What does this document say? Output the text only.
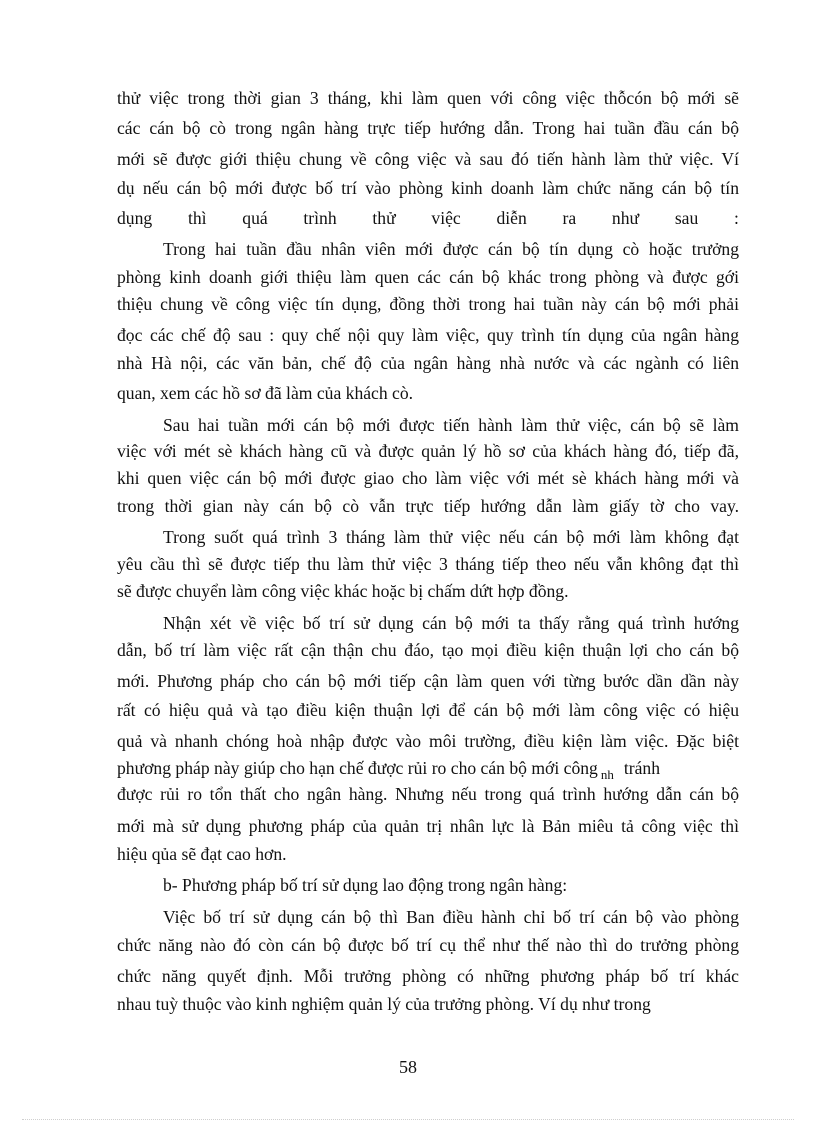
thử việc trong thời gian 3 tháng, khi làm quen với công việc thỗcón bộ mới sẽ
các cán bộ cò trong ngân hàng trực tiếp hướng dẫn. Trong hai tuần đầu cán bộ
mới sẽ được giới thiệu chung về công việc và sau đó tiến hành làm thử việc. Ví
dụ nếu cán bộ mới được bố trí vào phòng kinh doanh làm chức năng cán bộ tín
dụng thì quá trình thử việc diễn ra như sau :
Trong hai tuần đầu nhân viên mới được cán bộ tín dụng cò hoặc trưởng
phòng kinh doanh giới thiệu làm quen các cán bộ khác trong phòng và được gới
thiệu chung về công việc tín dụng, đồng thời trong hai tuần này cán bộ mới phải
đọc các chế độ sau : quy chế nội quy làm việc, quy trình tín dụng của ngân hàng
nhà Hà nội, các văn bản, chế độ của ngân hàng nhà nước và các ngành có liên
quan, xem các hồ sơ đã làm của khách cò.
Sau hai tuần mới cán bộ mới được tiến hành làm thử việc, cán bộ sẽ làm
việc với mét sè khách hàng cũ và được quản lý hồ sơ của khách hàng đó, tiếp đã,
khi quen việc cán bộ mới được giao cho làm việc với mét sè khách hàng mới và
trong thời gian này cán bộ cò vẫn trực tiếp hướng dẫn làm giấy tờ cho vay.
Trong suốt quá trình 3 tháng làm thử việc nếu cán bộ mới làm không đạt
yêu cầu thì sẽ được tiếp thu làm thử việc 3 tháng tiếp theo nếu vẫn không đạt thì
sẽ được chuyển làm công việc khác hoặc bị chấm dứt hợp đồng.
Nhận xét về việc bố trí sử dụng cán bộ mới ta thấy rằng quá trình hướng
dẫn, bố trí làm việc rất cận thận chu đáo, tạo mọi điều kiện thuận lợi cho cán bộ
mới. Phương pháp cho cán bộ mới tiếp cận làm quen với từng bước dần dần này
rất có hiệu quả và tạo điều kiện thuận lợi để cán bộ mới làm công việc có hiệu
quả và nhanh chóng hoà nhập được vào môi trường, điều kiện làm việc. Đặc biệt
phương pháp này giúp cho hạn chế được rủi ro cho cán bộ mới công $_{nh}$ tránh
được rủi ro tổn thất cho ngân hàng. Nhưng nếu trong quá trình hướng dẫn cán bộ
mới mà sử dụng phương pháp của quản trị nhân lực là Bản miêu tả công việc thì
hiệu qủa sẽ đạt cao hơn.
b- Phương pháp bố trí sử dụng lao động trong ngân hàng:
Việc bố trí sử dụng cán bộ thì Ban điều hành chỉ bố trí cán bộ vào phòng
chức năng nào đó còn cán bộ được bố trí cụ thể như thế nào thì do trưởng phòng
chức năng quyết định. Mỗi trưởng phòng có những phương pháp bố trí khác
nhau tuỳ thuộc vào kinh nghiệm quản lý của trưởng phòng. Ví dụ như trong
58
